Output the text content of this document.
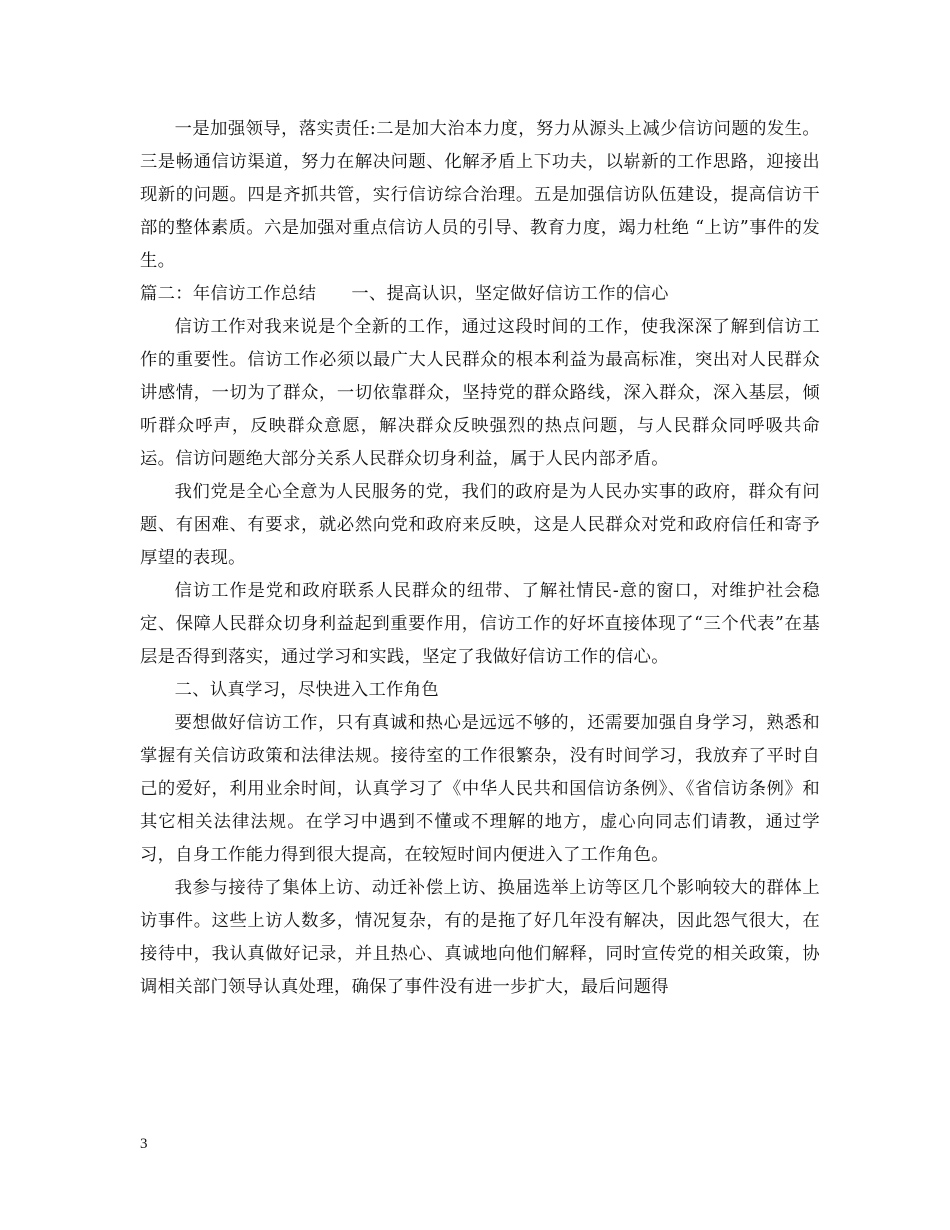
一是加强领导，落实责任:二是加大治本力度，努力从源头上减少信访问题的发生。三是畅通信访渠道，努力在解决问题、化解矛盾上下功夫，以崭新的工作思路，迎接出现新的问题。四是齐抓共管，实行信访综合治理。五是加强信访队伍建设，提高信访干部的整体素质。六是加强对重点信访人员的引导、教育力度，竭力杜绝 “上访”事件的发生。

篇二：年信访工作总结      一、提高认识，坚定做好信访工作的信心

信访工作对我来说是个全新的工作，通过这段时间的工作，使我深深了解到信访工作的重要性。信访工作必须以最广大人民群众的根本利益为最高标准，突出对人民群众讲感情，一切为了群众，一切依靠群众，坚持党的群众路线，深入群众，深入基层，倾听群众呼声，反映群众意愿，解决群众反映强烈的热点问题，与人民群众同呼吸共命运。信访问题绝大部分关系人民群众切身利益，属于人民内部矛盾。

我们党是全心全意为人民服务的党，我们的政府是为人民办实事的政府，群众有问题、有困难、有要求，就必然向党和政府来反映，这是人民群众对党和政府信任和寄予厚望的表现。

信访工作是党和政府联系人民群众的纽带、了解社情民-意的窗口，对维护社会稳定、保障人民群众切身利益起到重要作用，信访工作的好坏直接体现了“三个代表”在基层是否得到落实，通过学习和实践，坚定了我做好信访工作的信心。

二、认真学习，尽快进入工作角色

要想做好信访工作，只有真诚和热心是远远不够的，还需要加强自身学习，熟悉和掌握有关信访政策和法律法规。接待室的工作很繁杂，没有时间学习，我放弃了平时自己的爱好，利用业余时间，认真学习了《中华人民共和国信访条例》、《省信访条例》和其它相关法律法规。在学习中遇到不懂或不理解的地方，虚心向同志们请教，通过学习，自身工作能力得到很大提高，在较短时间内便进入了工作角色。

我参与接待了集体上访、动迁补偿上访、换届选举上访等区几个影响较大的群体上访事件。这些上访人数多，情况复杂，有的是拖了好几年没有解决，因此怨气很大，在接待中，我认真做好记录，并且热心、真诚地向他们解释，同时宣传党的相关政策，协调相关部门领导认真处理，确保了事件没有进一步扩大，最后问题得

3
